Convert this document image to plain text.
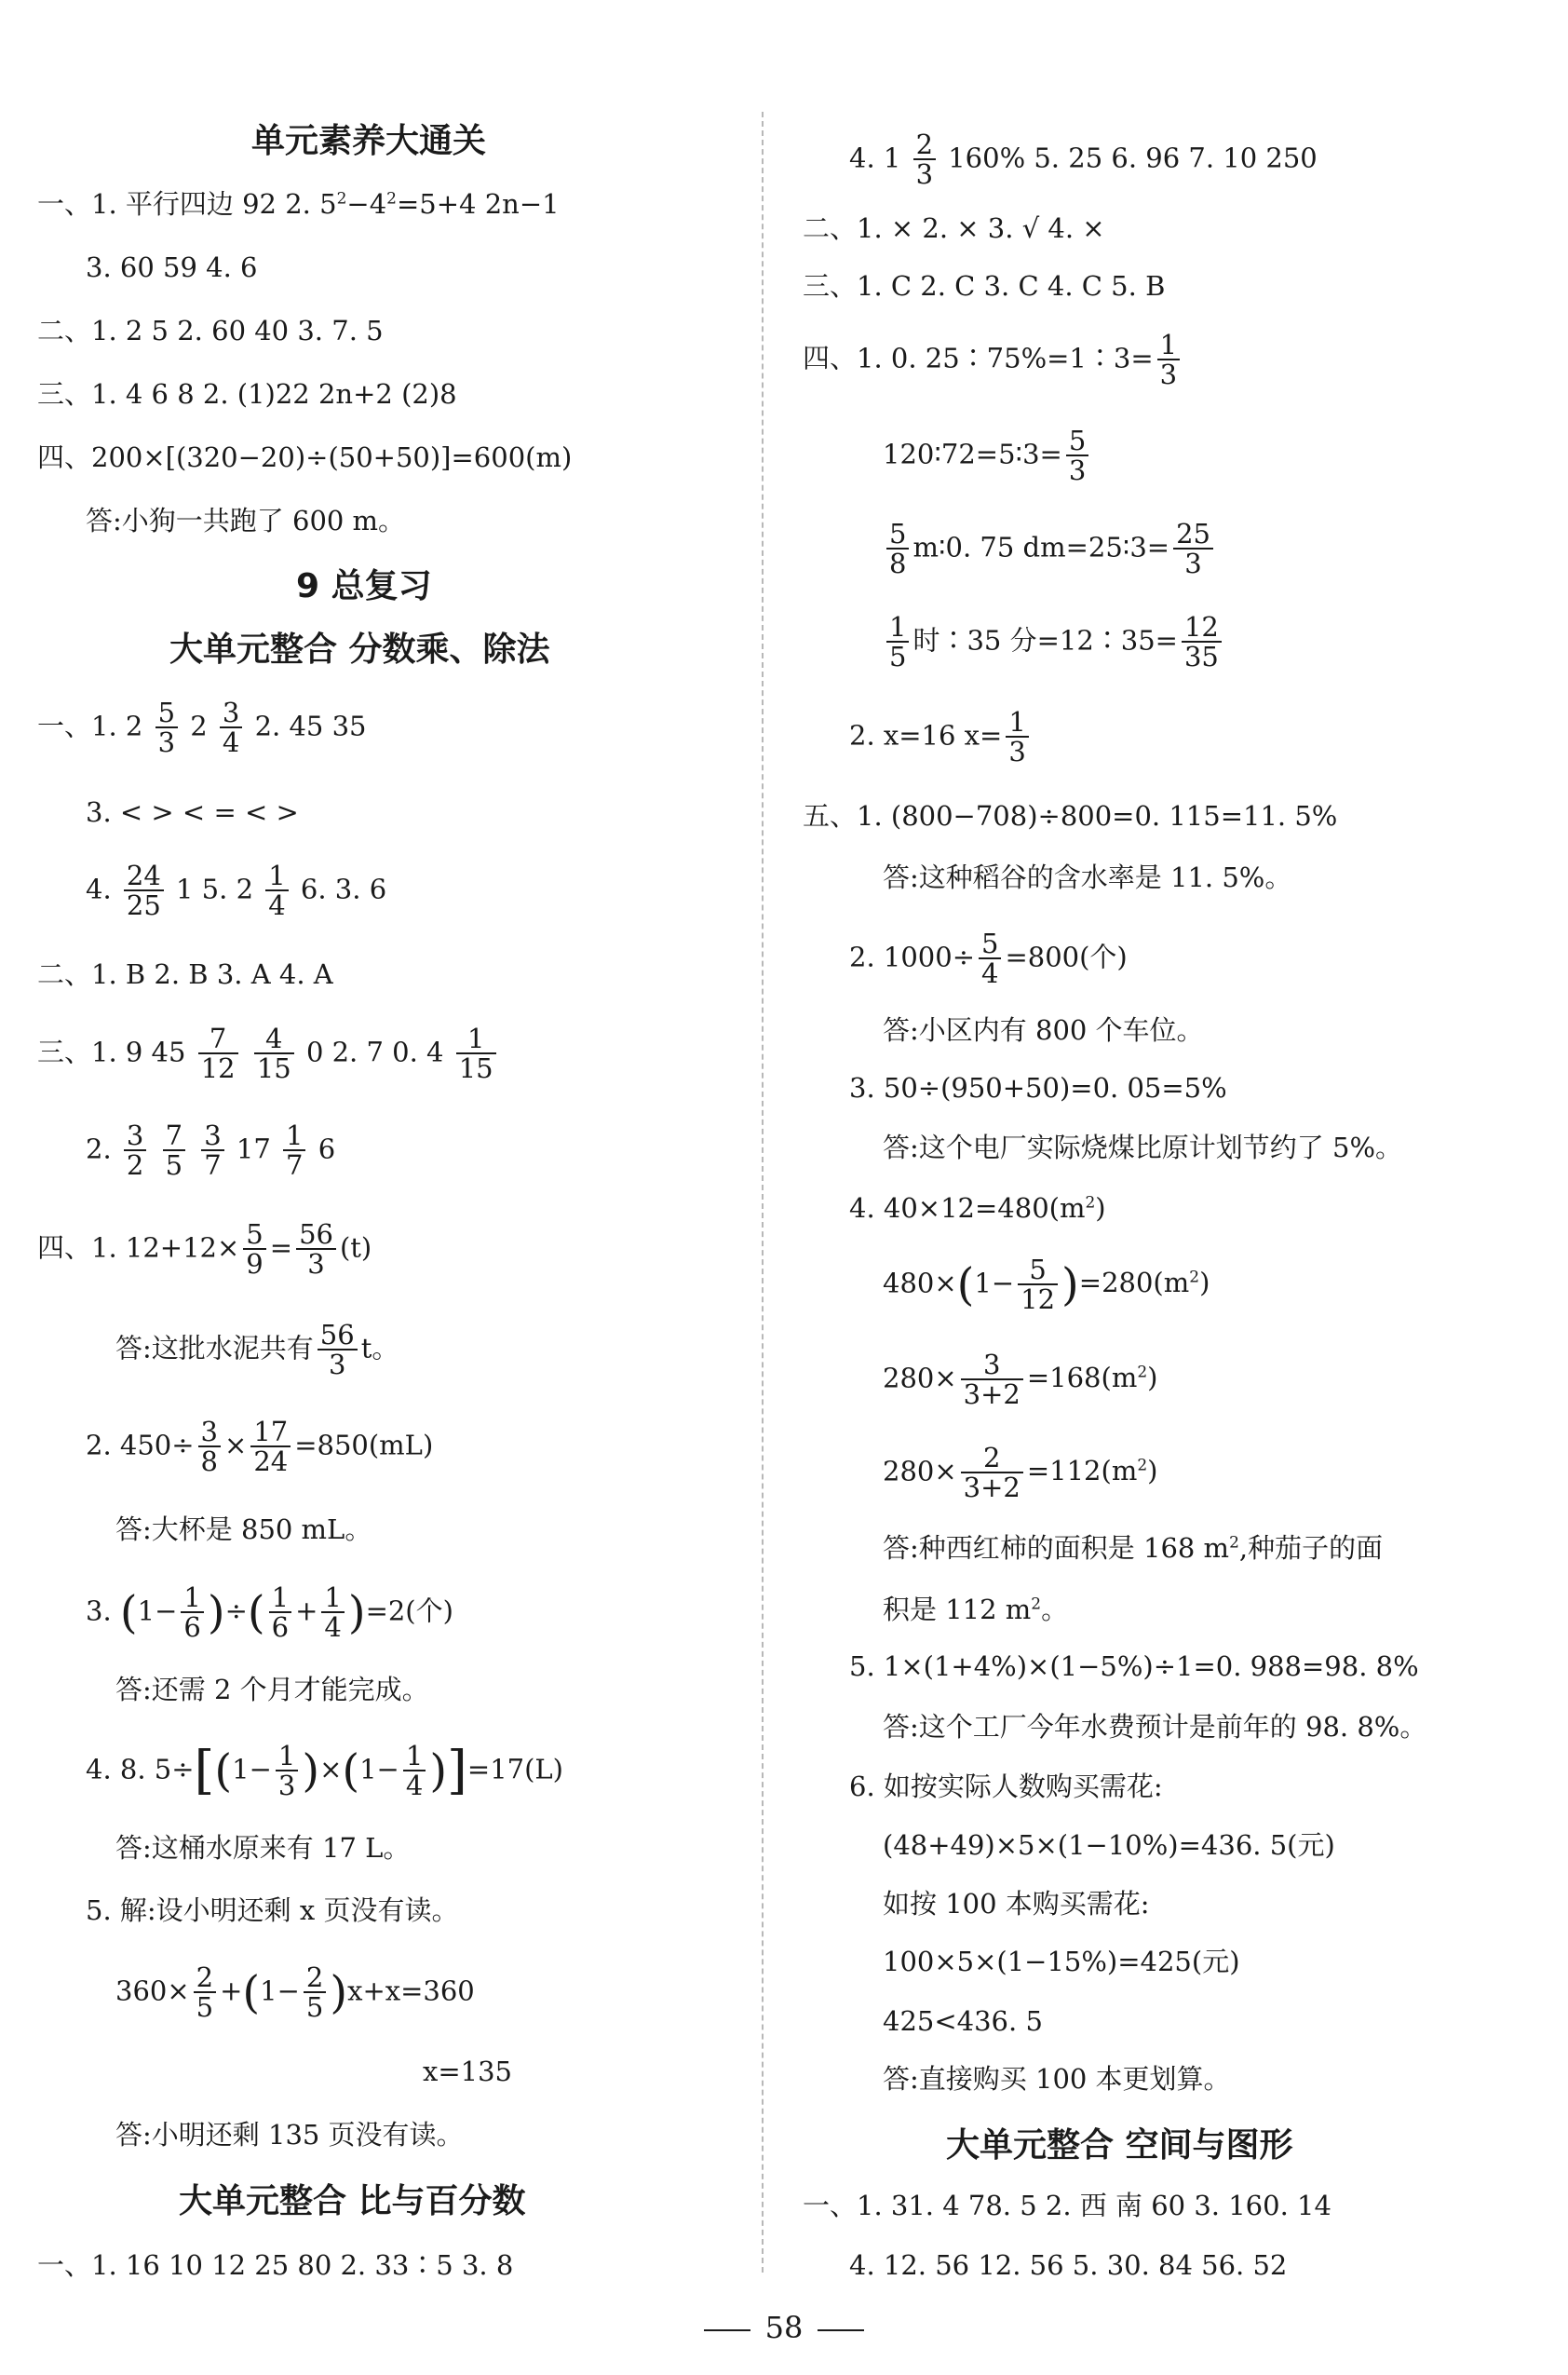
单元素养大通关
一、1. 平行四边 92 2. $5^2-4^2=5+4$ 2n−1
3. 60 59 4. 6
二、1. 2 5 2. 60 40 3. 7. 5
三、1. 4 6 8 2. (1)22 2n+2 (2)8
四、200×[(320−20)÷(50+50)]=600(m)
答:小狗一共跑了 600 m。
9 总复习
大单元整合 分数乘、除法
一、1. $2 \frac{5}{3} 2 \frac{3}{4} 2$. 45 35
3. < > < = < >
4. $\frac{24}{25} 1$ 5. $2 \frac{1}{4} 6$. 3. 6
二、1. B 2. B 3. A 4. A
三、1. 9 $45 \frac{7}{12}$
$\frac{4}{15} 0$ 2. 7 0. $4 \frac{1}{15}$
2. $\frac{3}{2}$
$\frac{7}{5}$
$\frac{3}{7} 17 \frac{1}{7} 6$
四、1. $12+12\times \frac{5}{9} = \frac{56}{3} (t)$
答:这批水泥共有 $\frac{56}{3}$ t。
2. $450\div \frac{3}{8} \times \frac{17}{24} =850(mL)$
答:大杯是 850 mL。
3. ($1- \frac{1}{6}$ )÷( $\frac{1}{6} + \frac{1}{4} )=2$(个)
答:还需 2 个月才能完成。
4. 8. $5\div[(1- \frac{1}{3} )\times(1- \frac{1}{4} )]=17(L)$
答:这桶水原来有 17 L。
5. 解:设小明还剩 x 页没有读。
$360\times \frac{2}{5} +(1- \frac{2}{5} )x+x=360$
x=135
答:小明还剩 135 页没有读。
大单元整合 比与百分数
一、1. 16 10 12 25 80 2. 33∶5 3. 8
4. $1 \frac{2}{3} 160\%$ 5. 25 6. 96 7. 10 250
二、1. × 2. × 3. √ 4. ×
三、1. C 2. C 3. C 4. C 5. B
四、1. 0. 25∶75%=1∶3= $\frac{1}{3}$
120∶72=5∶3= $\frac{5}{3}$
$\frac{5}{8}$ m∶0. 75 dm=25∶3= $\frac{25}{3}$
$\frac{1}{5}$ 时∶35 分=12∶35= $\frac{12}{35}$
2. x=16 $x= \frac{1}{3}$
五、1. (800−708)÷800=0. 115=11. 5%
答:这种稻谷的含水率是 11. 5%。
2. $1000\div \frac{5}{4} =800$(个)
答:小区内有 800 个车位。
3. 50÷(950+50)=0. 05=5%
答:这个电厂实际烧煤比原计划节约了 5%。
4. $40\times 12=480(m^2)$
$480\times(1- \frac{5}{12} )=280(m^2)$
$280\times \frac{3}{3+2} =168(m^2)$
$280\times \frac{2}{3+2} =112(m^2)$
答:种西红柿的面积是 168 $m^2$,种茄子的面
积是 112 $m^2$。
5. 1×(1+4%)×(1−5%)÷1=0. 988=98. 8%
答:这个工厂今年水费预计是前年的 98. 8%。
6. 如按实际人数购买需花:
(48+49)×5×(1−10%)=436. 5(元)
如按 100 本购买需花:
100×5×(1−15%)=425(元)
425<436. 5
答:直接购买 100 本更划算。
大单元整合 空间与图形
一、1. 31. 4 78. 5 2. 西 南 60 3. 160. 14
4. 12. 56 12. 56 5. 30. 84 56. 52
58
